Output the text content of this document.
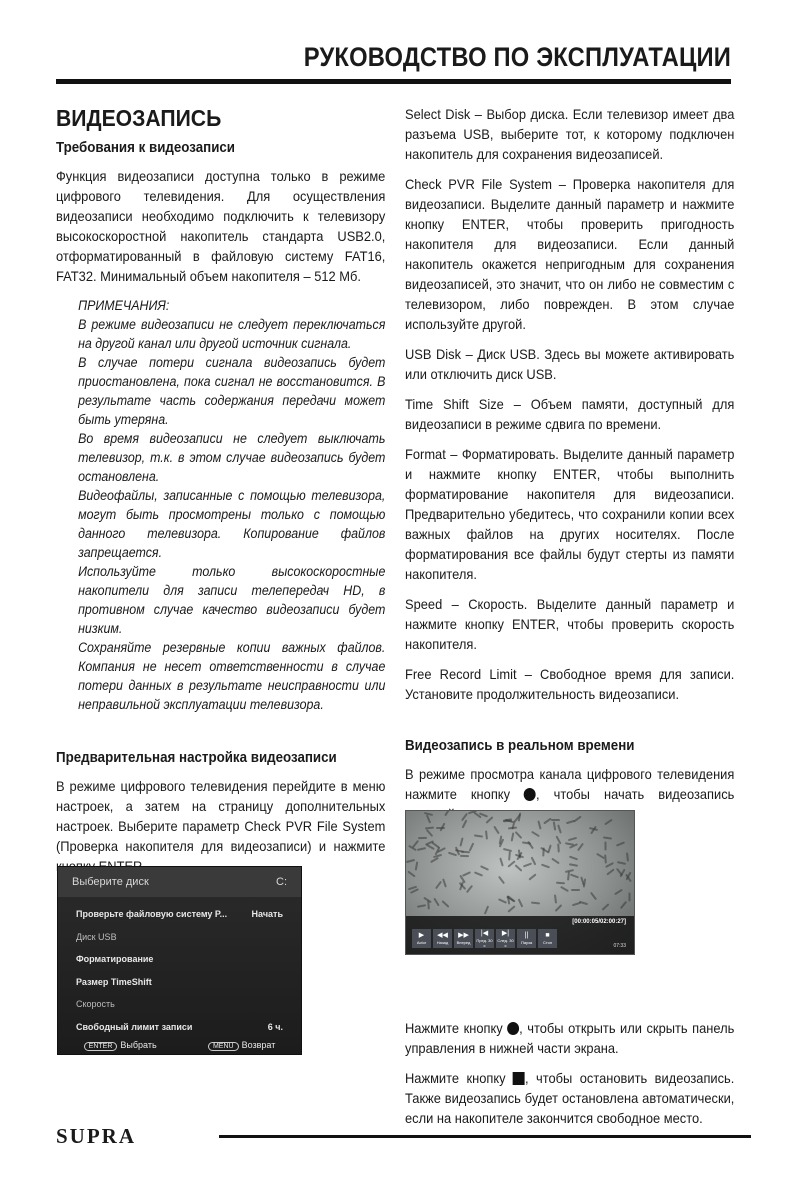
РУКОВОДСТВО ПО ЭКСПЛУАТАЦИИ
ВИДЕОЗАПИСЬ
Требования к видеозаписи

Функция видеозаписи доступна только в режиме цифрового телевидения. Для осуществления видеозаписи необходимо подключить к телевизору высокоскоростной накопитель стандарта USB2.0, отформатированный в файловую систему FAT16, FAT32. Минимальный объем накопителя – 512 Мб.

ПРИМЕЧАНИЯ:
В режиме видеозаписи не следует переключаться на другой канал или другой источник сигнала.
В случае потери сигнала видеозапись будет приостановлена, пока сигнал не восстановится. В результате часть содержания передачи может быть утеряна.
Во время видеозаписи не следует выключать телевизор, т.к. в этом случае видеозапись будет остановлена.
Видеофайлы, записанные с помощью телевизора, могут быть просмотрены только с помощью данного телевизора. Копирование файлов запрещается.
Используйте только высокоскоростные накопители для записи телепередач HD, в противном случае качество видеозаписи будет низким.
Сохраняйте резервные копии важных файлов. Компания не несет ответственности в случае потери данных в результате неисправности или неправильной эксплуатации телевизора.
Предварительная настройка видеозаписи

В режиме цифрового телевидения перейдите в меню настроек, а затем на страницу дополнительных настроек. Выберите параметр Check PVR File System (Проверка накопителя для видеозаписи) и нажмите

Выберите диск	C:
Проверьте файловую систему Р...	Начать
Диск USB
Форматирование
Размер TimeShift
Скорость
Свободный лимит записи	6 ч.
ENTER Выбрать	MENU Возврат

Select Disk – Выбор диска. Если телевизор имеет два разъема USB, выберите тот, к которому подключен накопитель для сохранения видеозаписей.

Check PVR File System – Проверка накопителя для видеозаписи. Выделите данный параметр и нажмите кнопку ENTER, чтобы проверить пригодность накопителя для видеозаписи. Если данный накопитель окажется непригодным для сохранения видеозаписей, это значит, что он либо не совместим с телевизором, либо поврежден. В этом случае используйте другой.

USB Disk – Диск USB. Здесь вы можете активировать или отключить диск USB.

Time Shift Size – Объем памяти, доступный для видеозаписи в режиме сдвига по времени.

Format – Форматировать. Выделите данный параметр и нажмите кнопку ENTER, чтобы выполнить форматирование накопителя для видеозаписи. Предварительно убедитесь, что сохранили копии всех важных файлов на других носителях. После форматирования все файлы будут стерты из памяти накопителя.

Speed – Скорость. Выделите данный параметр и нажмите кнопку ENTER, чтобы проверить скорость накопителя.

Free Record Limit – Свободное время для записи. Установите продолжительность видеозаписи.

Видеозапись в реальном времени

В режиме просмотра канала цифрового телевидения нажмите кнопку , чтобы начать видеозапись

Нажмите кнопку , чтобы открыть или скрыть панель управления в нижней части экрана.

Нажмите кнопку , чтобы остановить видеозапись. Также видеозапись будет остановлена автоматически, если на накопителе закончится свободное место.

[00:00:05/02:00:27]
▶
Actor
◀◀
Назад
▶▶
Вперед
|◀
Пред. 30 с
▶|
След. 30 с
||
Пауза
■
Стоп
07:33
SUPRA
